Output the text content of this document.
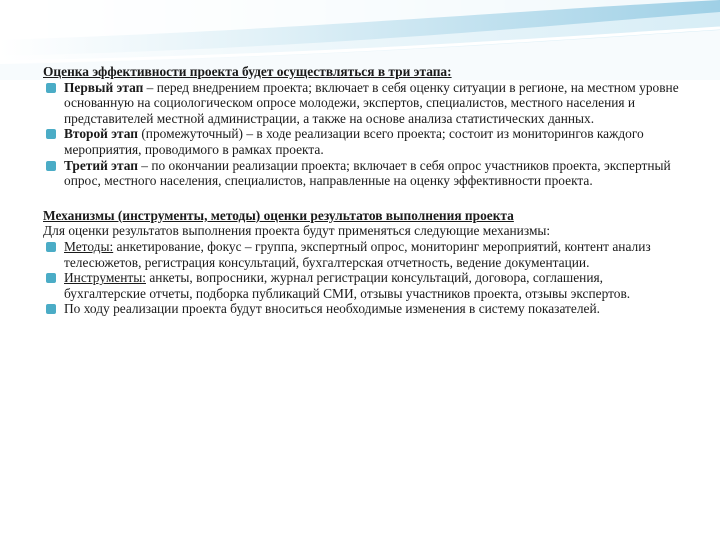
Оценка эффективности проекта будет осуществляться в три этапа:
Первый этап – перед внедрением проекта; включает в себя оценку ситуации в регионе, на местном уровне основанную на социологическом опросе молодежи, экспертов, специалистов, местного населения и представителей местной администрации, а также на основе анализа статистических данных.
Второй этап (промежуточный) – в ходе реализации всего проекта; состоит из мониторингов каждого мероприятия, проводимого в рамках проекта.
Третий этап – по окончании реализации проекта; включает в себя опрос участников проекта, экспертный опрос, местного населения, специалистов, направленные на оценку эффективности проекта.
Механизмы (инструменты, методы) оценки результатов выполнения проекта

Для оценки результатов выполнения проекта будут применяться следующие механизмы:

Методы: анкетирование, фокус – группа, экспертный опрос, мониторинг мероприятий, контент анализ телесюжетов, регистрация консультаций, бухгалтерская отчетность, ведение документации.
Инструменты: анкеты, вопросники, журнал регистрации консультаций, договора, соглашения, бухгалтерские отчеты, подборка публикаций СМИ, отзывы участников проекта, отзывы экспертов.
По ходу реализации проекта будут вноситься необходимые изменения в систему показателей.
